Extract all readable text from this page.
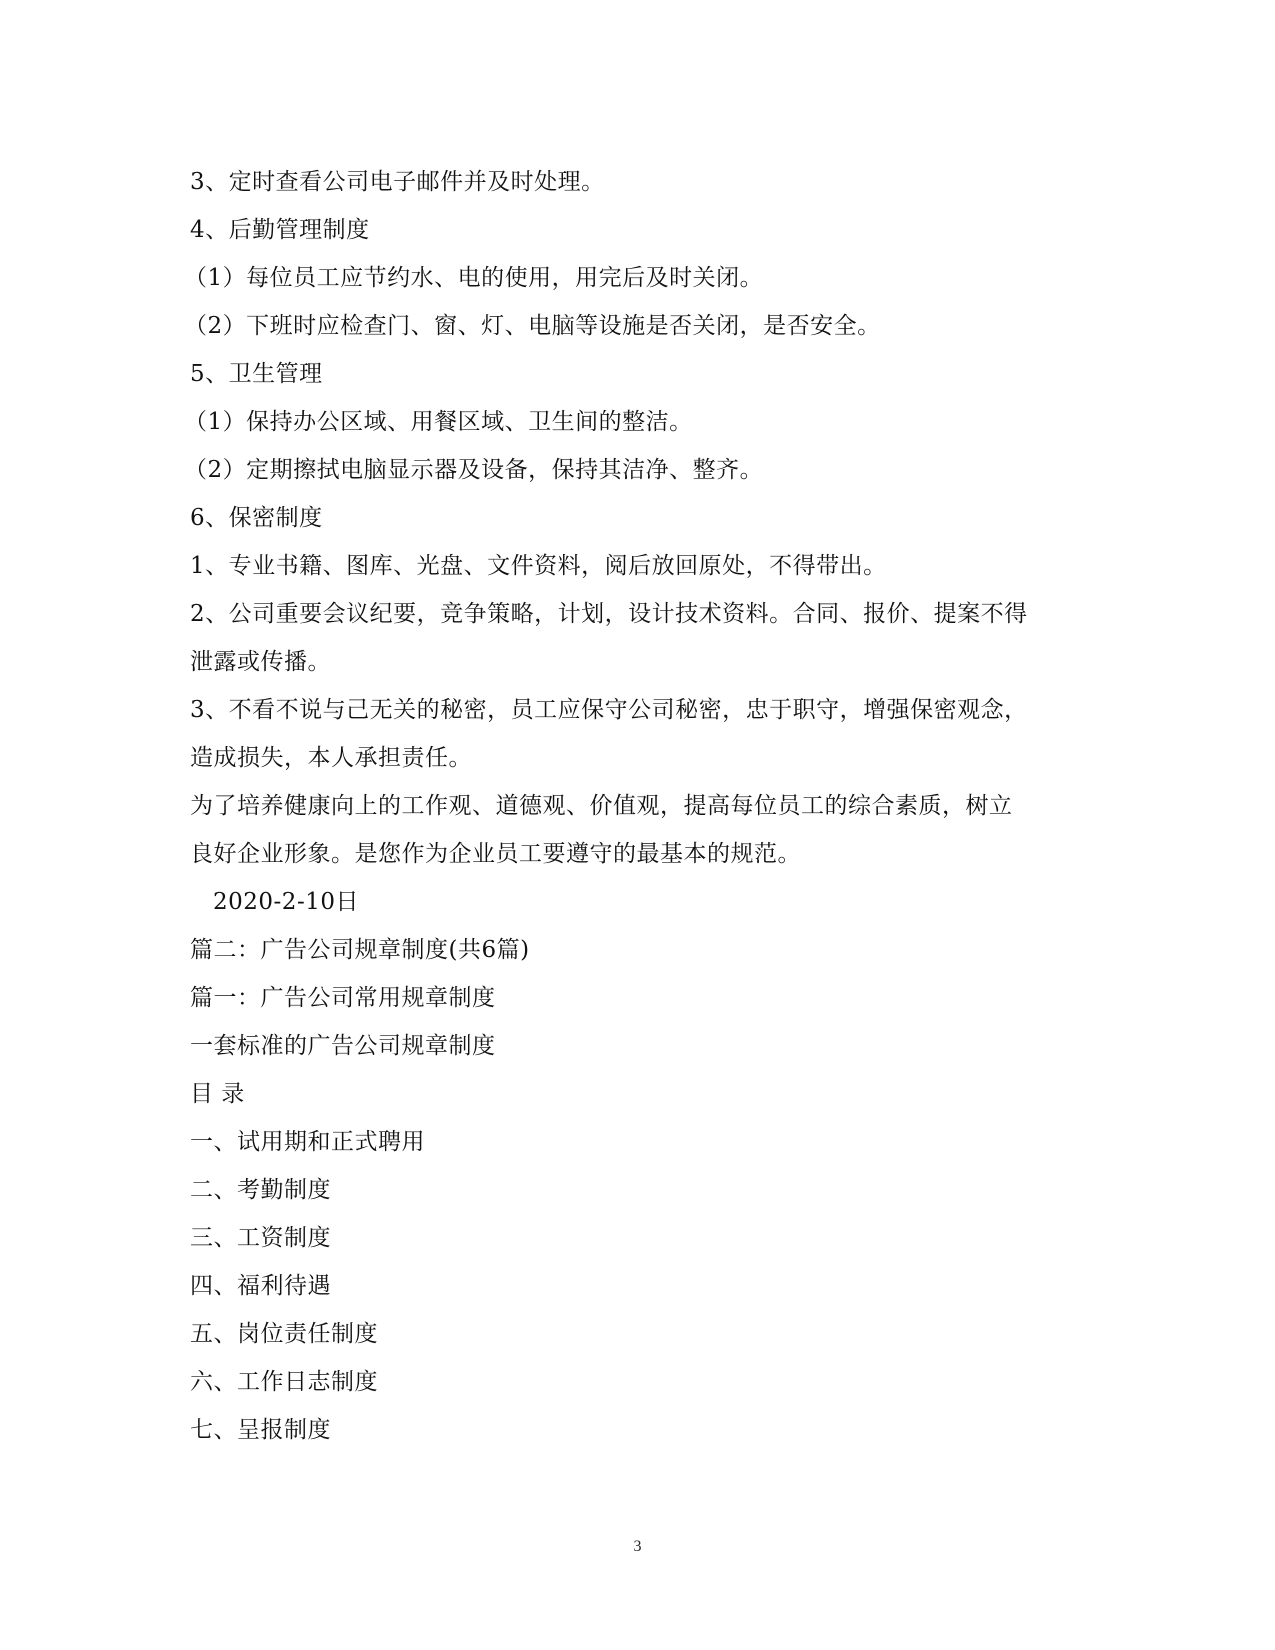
3、定时查看公司电子邮件并及时处理。
4、后勤管理制度
（1）每位员工应节约水、电的使用，用完后及时关闭。
（2）下班时应检查门、窗、灯、电脑等设施是否关闭，是否安全。
5、卫生管理
（1）保持办公区域、用餐区域、卫生间的整洁。
（2）定期擦拭电脑显示器及设备，保持其洁净、整齐。
6、保密制度
1、专业书籍、图库、光盘、文件资料，阅后放回原处，不得带出。
2、公司重要会议纪要，竞争策略，计划，设计技术资料。合同、报价、提案不得
泄露或传播。
3、不看不说与己无关的秘密，员工应保守公司秘密，忠于职守，增强保密观念，
造成损失，本人承担责任。
为了培养健康向上的工作观、道德观、价值观，提高每位员工的综合素质，树立
良好企业形象。是您作为企业员工要遵守的最基本的规范。
2020-2-10日
篇二：广告公司规章制度(共6篇)
篇一：广告公司常用规章制度
一套标准的广告公司规章制度
目 录
一、试用期和正式聘用
二、考勤制度
三、工资制度
四、福利待遇
五、岗位责任制度
六、工作日志制度
七、呈报制度
3
